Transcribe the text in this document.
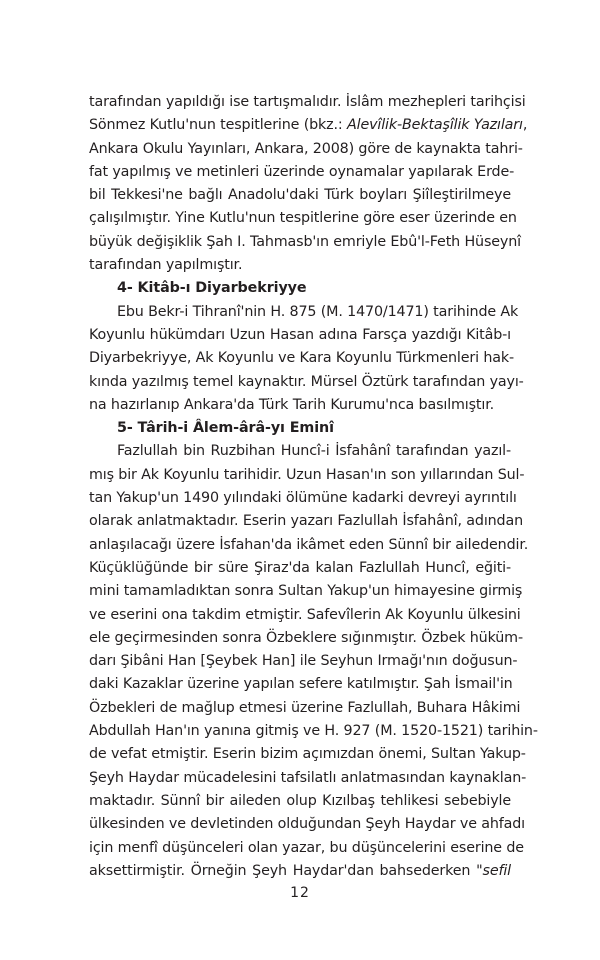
tarafından yapıldığı ise tartışmalıdır. İslâm mezhepleri tarihçisi
Sönmez Kutlu'nun tespitlerine (bkz.: Alevîlik-Bektaşîlik Yazıları,
Ankara Okulu Yayınları, Ankara, 2008) göre de kaynakta tahri-
fat yapılmış ve metinleri üzerinde oynamalar yapılarak Erde-
bil Tekkesi'ne bağlı Anadolu'daki Türk boyları Şiîleştirilmeye
çalışılmıştır. Yine Kutlu'nun tespitlerine göre eser üzerinde en
büyük değişiklik Şah I. Tahmasb'ın emriyle Ebû'l-Feth Hüseynî
tarafından yapılmıştır.
4- Kitâb-ı Diyarbekriyye
Ebu Bekr-i Tihranî'nin H. 875 (M. 1470/1471) tarihinde Ak
Koyunlu hükümdarı Uzun Hasan adına Farsça yazdığı Kitâb-ı
Diyarbekriyye, Ak Koyunlu ve Kara Koyunlu Türkmenleri hak-
kında yazılmış temel kaynaktır. Mürsel Öztürk tarafından yayı-
na hazırlanıp Ankara'da Türk Tarih Kurumu'nca basılmıştır.
5- Târih-i Âlem-ârâ-yı Eminî
Fazlullah bin Ruzbihan Huncî-i İsfahânî tarafından yazıl-
mış bir Ak Koyunlu tarihidir. Uzun Hasan'ın son yıllarından Sul-
tan Yakup'un 1490 yılındaki ölümüne kadarki devreyi ayrıntılı
olarak anlatmaktadır. Eserin yazarı Fazlullah İsfahânî, adından
anlaşılacağı üzere İsfahan'da ikâmet eden Sünnî bir ailedendir.
Küçüklüğünde bir süre Şiraz'da kalan Fazlullah Huncî, eğiti-
mini tamamladıktan sonra Sultan Yakup'un himayesine girmiş
ve eserini ona takdim etmiştir. Safevîlerin Ak Koyunlu ülkesini
ele geçirmesinden sonra Özbeklere sığınmıştır. Özbek hüküm-
darı Şibâni Han [Şeybek Han] ile Seyhun Irmağı'nın doğusun-
daki Kazaklar üzerine yapılan sefere katılmıştır. Şah İsmail'in
Özbekleri de mağlup etmesi üzerine Fazlullah, Buhara Hâkimi
Abdullah Han'ın yanına gitmiş ve H. 927 (M. 1520-1521) tarihin-
de vefat etmiştir. Eserin bizim açımızdan önemi, Sultan Yakup-
Şeyh Haydar mücadelesini tafsilatlı anlatmasından kaynaklan-
maktadır. Sünnî bir aileden olup Kızılbaş tehlikesi sebebiyle
ülkesinden ve devletinden olduğundan Şeyh Haydar ve ahfadı
için menfî düşünceleri olan yazar, bu düşüncelerini eserine de
aksettirmiştir. Örneğin Şeyh Haydar'dan bahsederken "sefil
12
